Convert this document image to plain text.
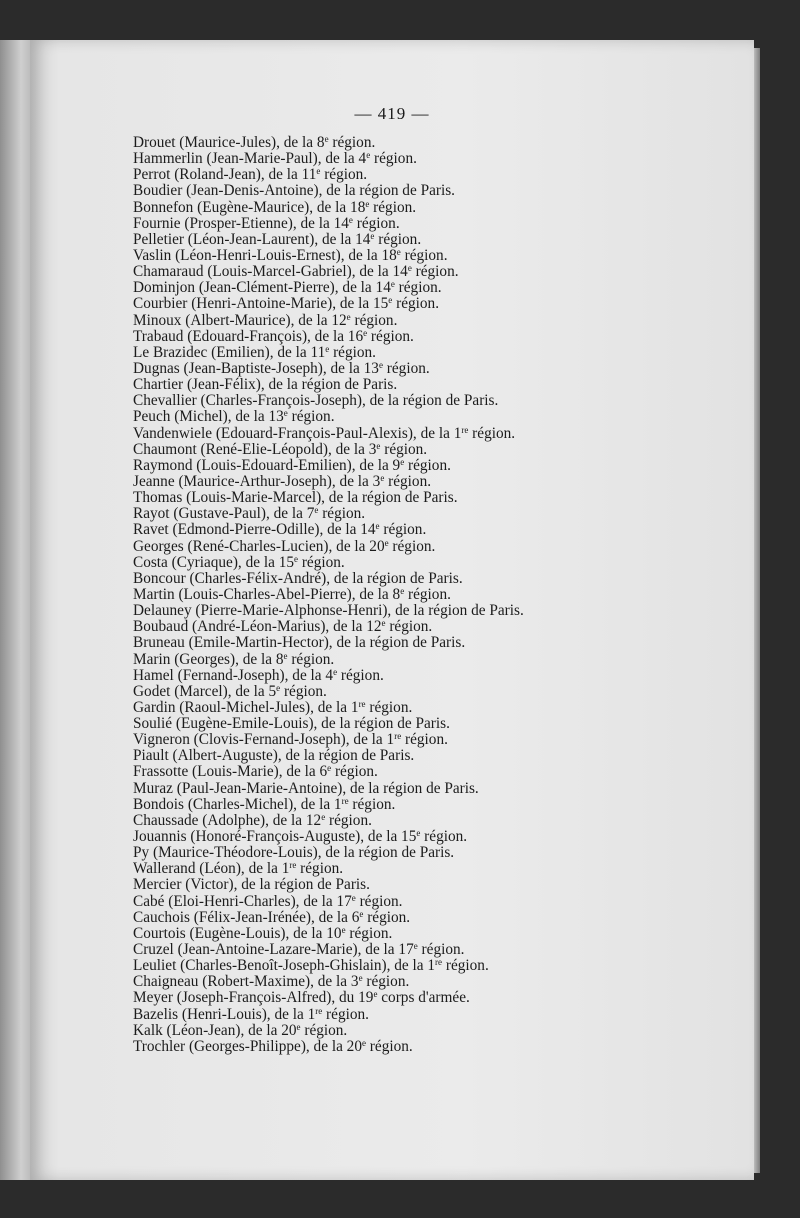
— 419 —
Drouet (Maurice-Jules), de la 8e région.
Hammerlin (Jean-Marie-Paul), de la 4e région.
Perrot (Roland-Jean), de la 11e région.
Boudier (Jean-Denis-Antoine), de la région de Paris.
Bonnefon (Eugène-Maurice), de la 18e région.
Fournie (Prosper-Etienne), de la 14e région.
Pelletier (Léon-Jean-Laurent), de la 14e région.
Vaslin (Léon-Henri-Louis-Ernest), de la 18e région.
Chamaraud (Louis-Marcel-Gabriel), de la 14e région.
Dominjon (Jean-Clément-Pierre), de la 14e région.
Courbier (Henri-Antoine-Marie), de la 15e région.
Minoux (Albert-Maurice), de la 12e région.
Trabaud (Edouard-François), de la 16e région.
Le Brazidec (Emilien), de la 11e région.
Dugnas (Jean-Baptiste-Joseph), de la 13e région.
Chartier (Jean-Félix), de la région de Paris.
Chevallier (Charles-François-Joseph), de la région de Paris.
Peuch (Michel), de la 13e région.
Vandenwiele (Edouard-François-Paul-Alexis), de la 1re région.
Chaumont (René-Elie-Léopold), de la 3e région.
Raymond (Louis-Edouard-Emilien), de la 9e région.
Jeanne (Maurice-Arthur-Joseph), de la 3e région.
Thomas (Louis-Marie-Marcel), de la région de Paris.
Rayot (Gustave-Paul), de la 7e région.
Ravet (Edmond-Pierre-Odille), de la 14e région.
Georges (René-Charles-Lucien), de la 20e région.
Costa (Cyriaque), de la 15e région.
Boncour (Charles-Félix-André), de la région de Paris.
Martin (Louis-Charles-Abel-Pierre), de la 8e région.
Delauney (Pierre-Marie-Alphonse-Henri), de la région de Paris.
Boubaud (André-Léon-Marius), de la 12e région.
Bruneau (Emile-Martin-Hector), de la région de Paris.
Marin (Georges), de la 8e région.
Hamel (Fernand-Joseph), de la 4e région.
Godet (Marcel), de la 5e région.
Gardin (Raoul-Michel-Jules), de la 1re région.
Soulié (Eugène-Emile-Louis), de la région de Paris.
Vigneron (Clovis-Fernand-Joseph), de la 1re région.
Piault (Albert-Auguste), de la région de Paris.
Frassotte (Louis-Marie), de la 6e région.
Muraz (Paul-Jean-Marie-Antoine), de la région de Paris.
Bondois (Charles-Michel), de la 1re région.
Chaussade (Adolphe), de la 12e région.
Jouannis (Honoré-François-Auguste), de la 15e région.
Py (Maurice-Théodore-Louis), de la région de Paris.
Wallerand (Léon), de la 1re région.
Mercier (Victor), de la région de Paris.
Cabé (Eloi-Henri-Charles), de la 17e région.
Cauchois (Félix-Jean-Irénée), de la 6e région.
Courtois (Eugène-Louis), de la 10e région.
Cruzel (Jean-Antoine-Lazare-Marie), de la 17e région.
Leuliet (Charles-Benoît-Joseph-Ghislain), de la 1re région.
Chaigneau (Robert-Maxime), de la 3e région.
Meyer (Joseph-François-Alfred), du 19e corps d'armée.
Bazelis (Henri-Louis), de la 1re région.
Kalk (Léon-Jean), de la 20e région.
Trochler (Georges-Philippe), de la 20e région.
